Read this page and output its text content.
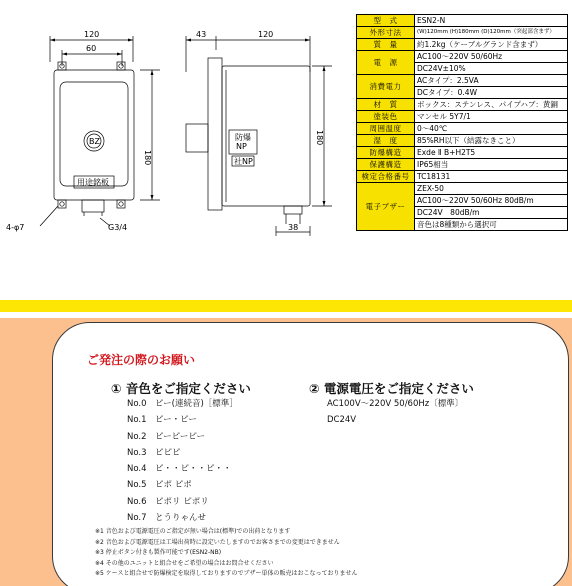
120
60
BZ
用途銘板
180
4-φ7	G3/4
43	120
180
38
防爆
NP
社NP
型　式	ESN2-N

外形寸法	(W)120mm (H)180mm (D)120mm（突起部含まず）

質　量	約1.2kg（ケーブルグランド含まず）

電　源	AC100～220V 50/60Hz
DC24V±10%

消費電力	ACタイプ：2.5VA
DCタイプ：0.4W

材　質	ボックス：ステンレス、パイプハブ：黄銅

塗装色	マンセル 5Y7/1

周囲温度	0～40℃

湿　度	85%RH以下（結露なきこと）

防爆構造	Exde Ⅱ B+H2T5

保護構造	IP65相当

検定合格番号	TC18131

電子ブザー	ZEX-50
AC100～220V 50/60Hz 80dB/m
DC24V　80dB/m
音色は8種類から選択可
ご発注の際のお願い
① 音色をご指定ください	② 電源電圧をご指定ください
No.0　ピー(連続音)［標準］
No.1　ピー・ピー
No.2　ピーピーピー
No.3　ピピピ
No.4　ピ・・ピ・・ピ・・
No.5　ピポ ピポ
No.6　ピポリ ピポリ
No.7　とうりゃんせ
AC100V～220V 50/60Hz〔標準〕
DC24V
※1 音色および電源電圧のご指定が無い場合は(標準)での出荷となります
※2 音色および電源電圧は工場出荷時に設定いたしますのでお客さまでの変更はできません
※3 停止ボタン付きも製作可能です(ESN2-NB)
※4 その他のユニットと組合せをご希望の場合はお問合せください
※5 ケースと組合せで防爆検定を取得しておりますのでブザー単体の販売はおこなっておりません
